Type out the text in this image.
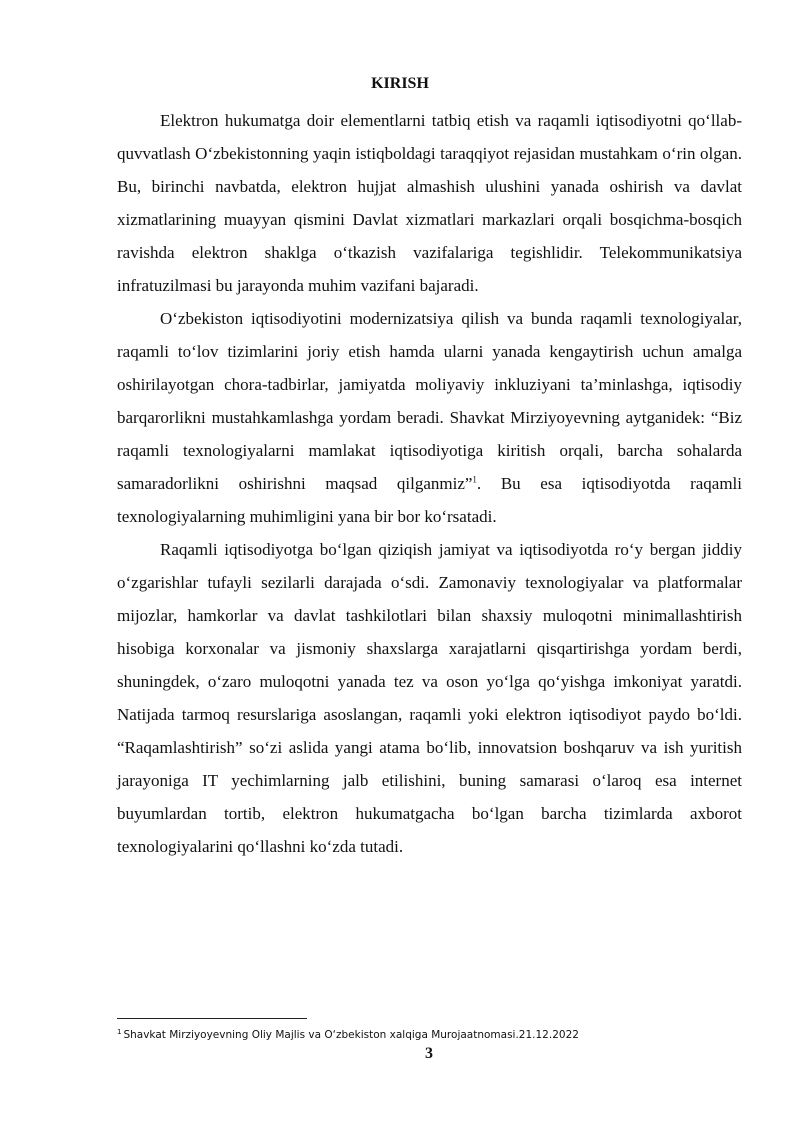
KIRISH

Elektron hukumatga doir elementlarni tatbiq etish va raqamli iqtisodiyotni qo‘llab-quvvatlash O‘zbekistonning yaqin istiqboldagi taraqqiyot rejasidan mustahkam o‘rin olgan. Bu, birinchi navbatda, elektron hujjat almashish ulushini yanada oshirish va davlat xizmatlarining muayyan qismini Davlat xizmatlari markazlari orqali bosqichma-bosqich ravishda elektron shaklga o‘tkazish vazifalariga tegishlidir. Telekommunikatsiya infratuzilmasi bu jarayonda muhim vazifani bajaradi.

O‘zbekiston iqtisodiyotini modernizatsiya qilish va bunda raqamli texnologiyalar, raqamli to‘lov tizimlarini joriy etish hamda ularni yanada kengaytirish uchun amalga oshirilayotgan chora-tadbirlar, jamiyatda moliyaviy inkluziyani ta’minlashga, iqtisodiy barqarorlikni mustahkamlashga yordam beradi. Shavkat Mirziyoyevning aytganidek: “Biz raqamli texnologiyalarni mamlakat iqtisodiyotiga kiritish orqali, barcha sohalarda samaradorlikni oshirishni maqsad qilganmiz”$^1$. Bu esa iqtisodiyotda raqamli texnologiyalarning muhimligini yana bir bor ko‘rsatadi.

Raqamli iqtisodiyotga bo‘lgan qiziqish jamiyat va iqtisodiyotda ro‘y bergan jiddiy o‘zgarishlar tufayli sezilarli darajada o‘sdi. Zamonaviy texnologiyalar va platformalar mijozlar, hamkorlar va davlat tashkilotlari bilan shaxsiy muloqotni minimallashtirish hisobiga korxonalar va jismoniy shaxslarga xarajatlarni qisqartirishga yordam berdi, shuningdek, o‘zaro muloqotni yanada tez va oson yo‘lga qo‘yishga imkoniyat yaratdi. Natijada tarmoq resurslariga asoslangan, raqamli yoki elektron iqtisodiyot paydo bo‘ldi. “Raqamlashtirish” so‘zi aslida yangi atama bo‘lib, innovatsion boshqaruv va ish yuritish jarayoniga IT yechimlarning jalb etilishini, buning samarasi o‘laroq esa internet buyumlardan tortib, elektron hukumatgacha bo‘lgan barcha tizimlarda axborot texnologiyalarini qo‘llashni ko‘zda tutadi.

$^1$ Shavkat Mirziyoyevning Oliy Majlis va O‘zbekiston xalqiga Murojaatnomasi.21.12.2022
3
